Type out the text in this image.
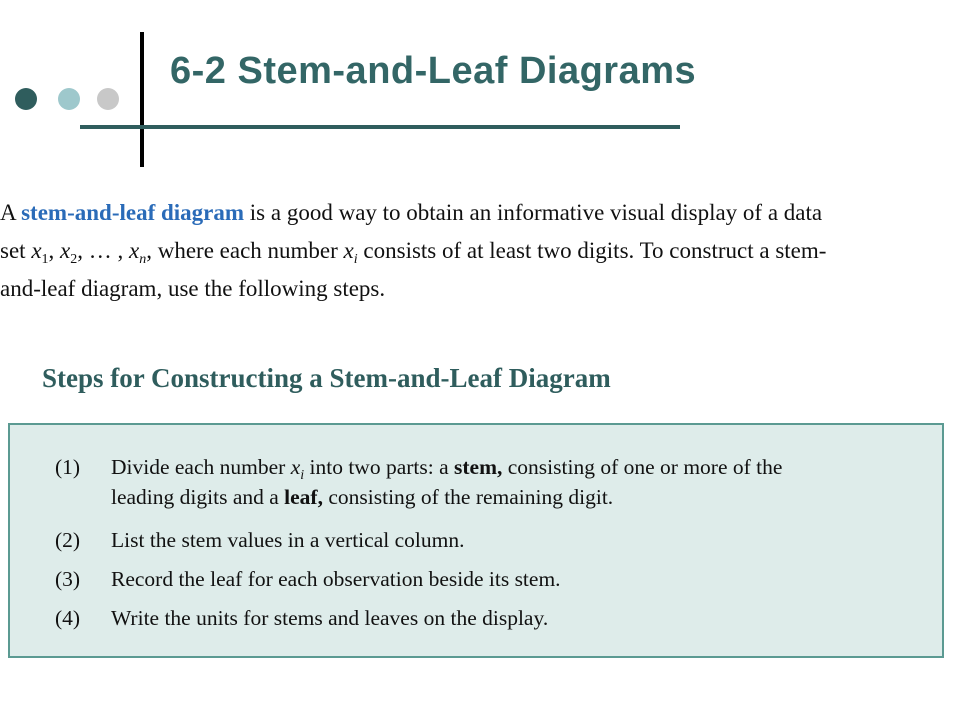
6-2 Stem-and-Leaf Diagrams
A stem-and-leaf diagram is a good way to obtain an informative visual display of a data
set $x_1$, $x_2$, … , $x_n$, where each number $x_i$ consists of at least two digits. To construct a stem-
and-leaf diagram, use the following steps.
Steps for Constructing a Stem-and-Leaf Diagram
(1)	Divide each number $x_i$ into two parts: a stem, consisting of one or more of the
leading digits and a leaf, consisting of the remaining digit.
(2)	List the stem values in a vertical column.
(3)	Record the leaf for each observation beside its stem.
(4)	Write the units for stems and leaves on the display.
